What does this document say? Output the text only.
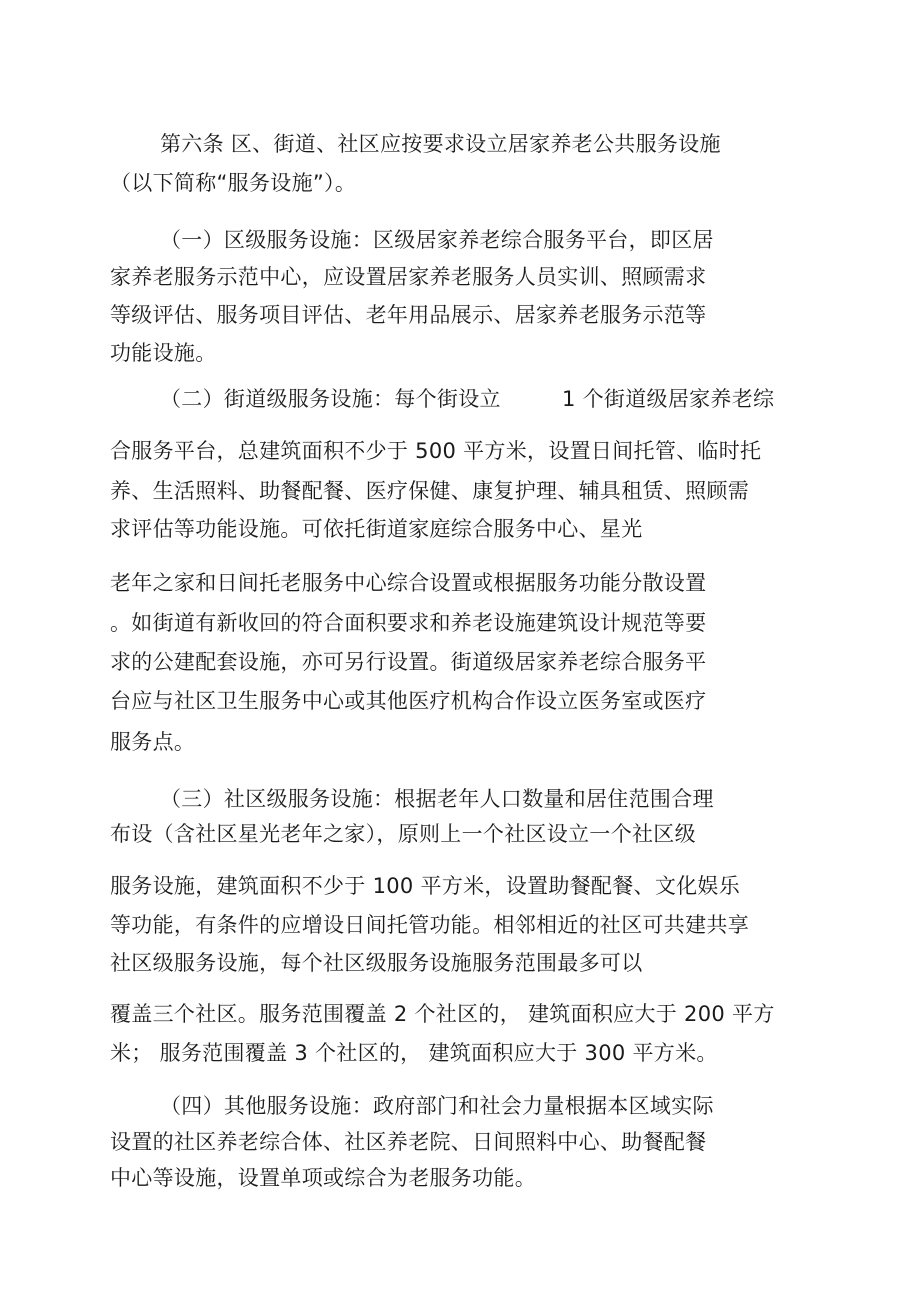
第六条 区、街道、社区应按要求设立居家养老公共服务设施
（以下简称“服务设施”）。
（一）区级服务设施：区级居家养老综合服务平台，即区居
家养老服务示范中心，应设置居家养老服务人员实训、照顾需求
等级评估、服务项目评估、老年用品展示、居家养老服务示范等
功能设施。
（二）街道级服务设施：每个街设立	1 个街道级居家养老综
合服务平台，总建筑面积不少于 500 平方米，设置日间托管、临时托
养、生活照料、助餐配餐、医疗保健、康复护理、辅具租赁、照顾需
求评估等功能设施。可依托街道家庭综合服务中心、星光
老年之家和日间托老服务中心综合设置或根据服务功能分散设置
。如街道有新收回的符合面积要求和养老设施建筑设计规范等要
求的公建配套设施，亦可另行设置。街道级居家养老综合服务平
台应与社区卫生服务中心或其他医疗机构合作设立医务室或医疗
服务点。
（三）社区级服务设施：根据老年人口数量和居住范围合理
布设（含社区星光老年之家），原则上一个社区设立一个社区级
服务设施，建筑面积不少于 100 平方米，设置助餐配餐、文化娱乐
等功能，有条件的应增设日间托管功能。相邻相近的社区可共建共享
社区级服务设施，每个社区级服务设施服务范围最多可以
覆盖三个社区。服务范围覆盖 2 个社区的， 建筑面积应大于 200 平方
米； 服务范围覆盖 3 个社区的， 建筑面积应大于 300 平方米。
（四）其他服务设施：政府部门和社会力量根据本区域实际
设置的社区养老综合体、社区养老院、日间照料中心、助餐配餐
中心等设施，设置单项或综合为老服务功能。
